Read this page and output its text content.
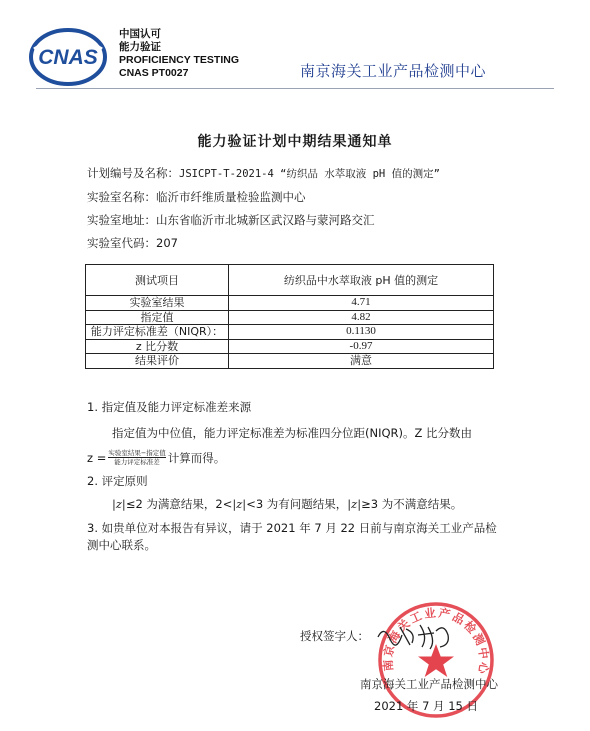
CNAS
中国认可
能力验证
PROFICIENCY TESTING
CNAS PT0027	南京海关工业产品检测中心
能力验证计划中期结果通知单
计划编号及名称：JSICPT-T-2021-4 “纺织品 水萃取液 pH 值的测定”
实验室名称：临沂市纤维质量检验监测中心
实验室地址：山东省临沂市北城新区武汉路与蒙河路交汇
实验室代码：207
测试项目	纺织品中水萃取液 pH 值的测定
实验室结果	4.71
指定值	4.82
能力评定标准差（NIQR）：	0.1130
z 比分数	-0.97
结果评价	满意
1. 指定值及能力评定标准差来源
指定值为中位值，能力评定标准差为标准四分位距(NIQR)。Z 比分数由
z = 实验室结果−指定值
能力评定标准差 计算而得。
2. 评定原则
|z|≤2 为满意结果，2<|z|<3 为有问题结果，|z|≥3 为不满意结果。
3. 如贵单位对本报告有异议，请于 2021 年 7 月 22 日前与南京海关工业产品检
测中心联系。
授权签字人：
南京海关工业产品检测中心
南京海关工业产品检测中心
2021 年 7 月 15 日
